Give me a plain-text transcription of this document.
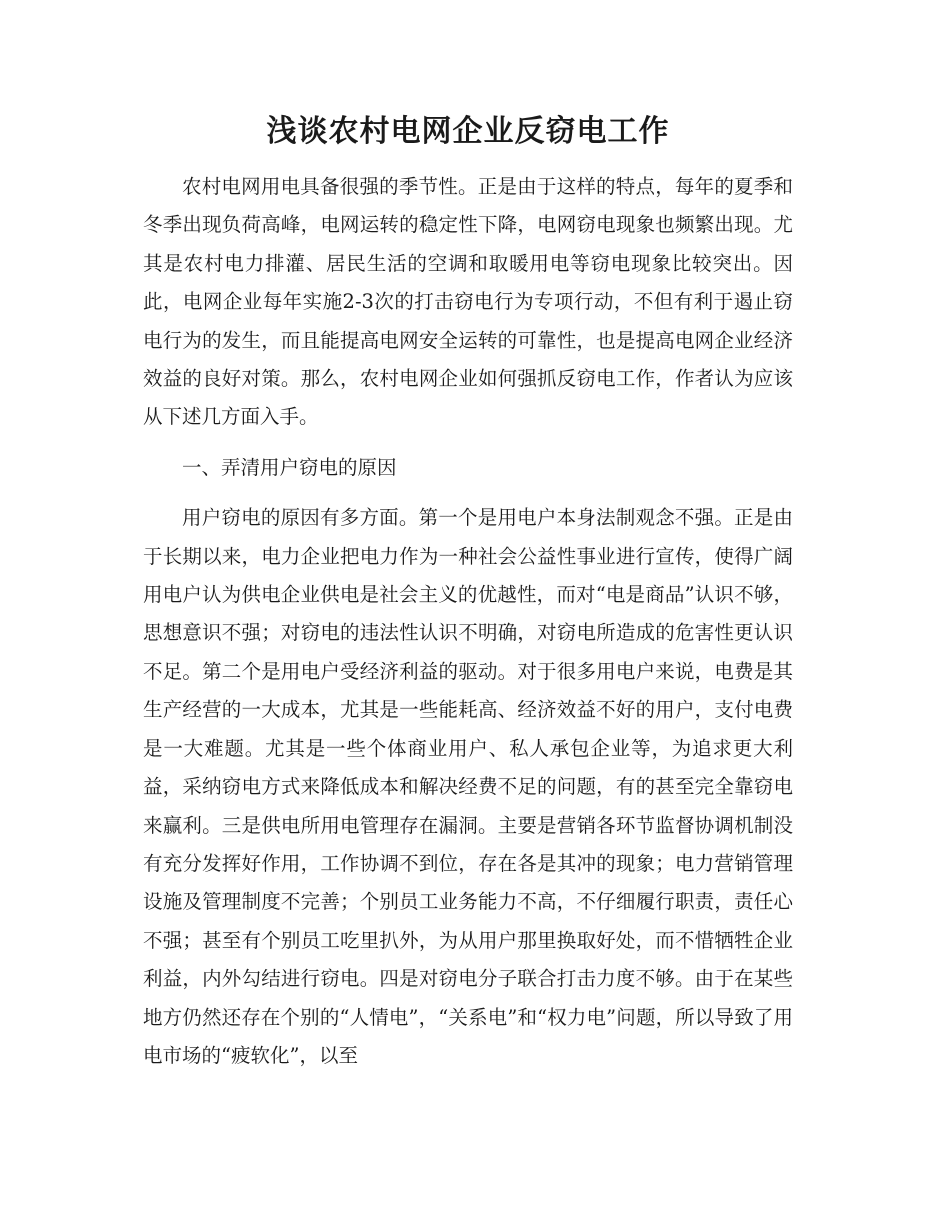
浅谈农村电网企业反窃电工作

农村电网用电具备很强的季节性。正是由于这样的特点，每年的夏季和冬季出现负荷高峰，电网运转的稳定性下降，电网窃电现象也频繁出现。尤其是农村电力排灌、居民生活的空调和取暖用电等窃电现象比较突出。因此，电网企业每年实施2-3次的打击窃电行为专项行动，不但有利于遏止窃电行为的发生，而且能提高电网安全运转的可靠性，也是提高电网企业经济效益的良好对策。那么，农村电网企业如何强抓反窃电工作，作者认为应该从下述几方面入手。

一、弄清用户窃电的原因

用户窃电的原因有多方面。第一个是用电户本身法制观念不强。正是由于长期以来，电力企业把电力作为一种社会公益性事业进行宣传，使得广阔用电户认为供电企业供电是社会主义的优越性，而对“电是商品”认识不够，思想意识不强；对窃电的违法性认识不明确，对窃电所造成的危害性更认识不足。第二个是用电户受经济利益的驱动。对于很多用电户来说，电费是其生产经营的一大成本，尤其是一些能耗高、经济效益不好的用户，支付电费是一大难题。尤其是一些个体商业用户、私人承包企业等，为追求更大利益，采纳窃电方式来降低成本和解决经费不足的问题，有的甚至完全靠窃电来赢利。三是供电所用电管理存在漏洞。主要是营销各环节监督协调机制没有充分发挥好作用，工作协调不到位，存在各是其冲的现象；电力营销管理设施及管理制度不完善；个别员工业务能力不高，不仔细履行职责，责任心不强；甚至有个别员工吃里扒外，为从用户那里换取好处，而不惜牺牲企业利益，内外勾结进行窃电。四是对窃电分子联合打击力度不够。由于在某些地方仍然还存在个别的“人情电”，“关系电”和“权力电”问题，所以导致了用电市场的“疲软化”，以至
